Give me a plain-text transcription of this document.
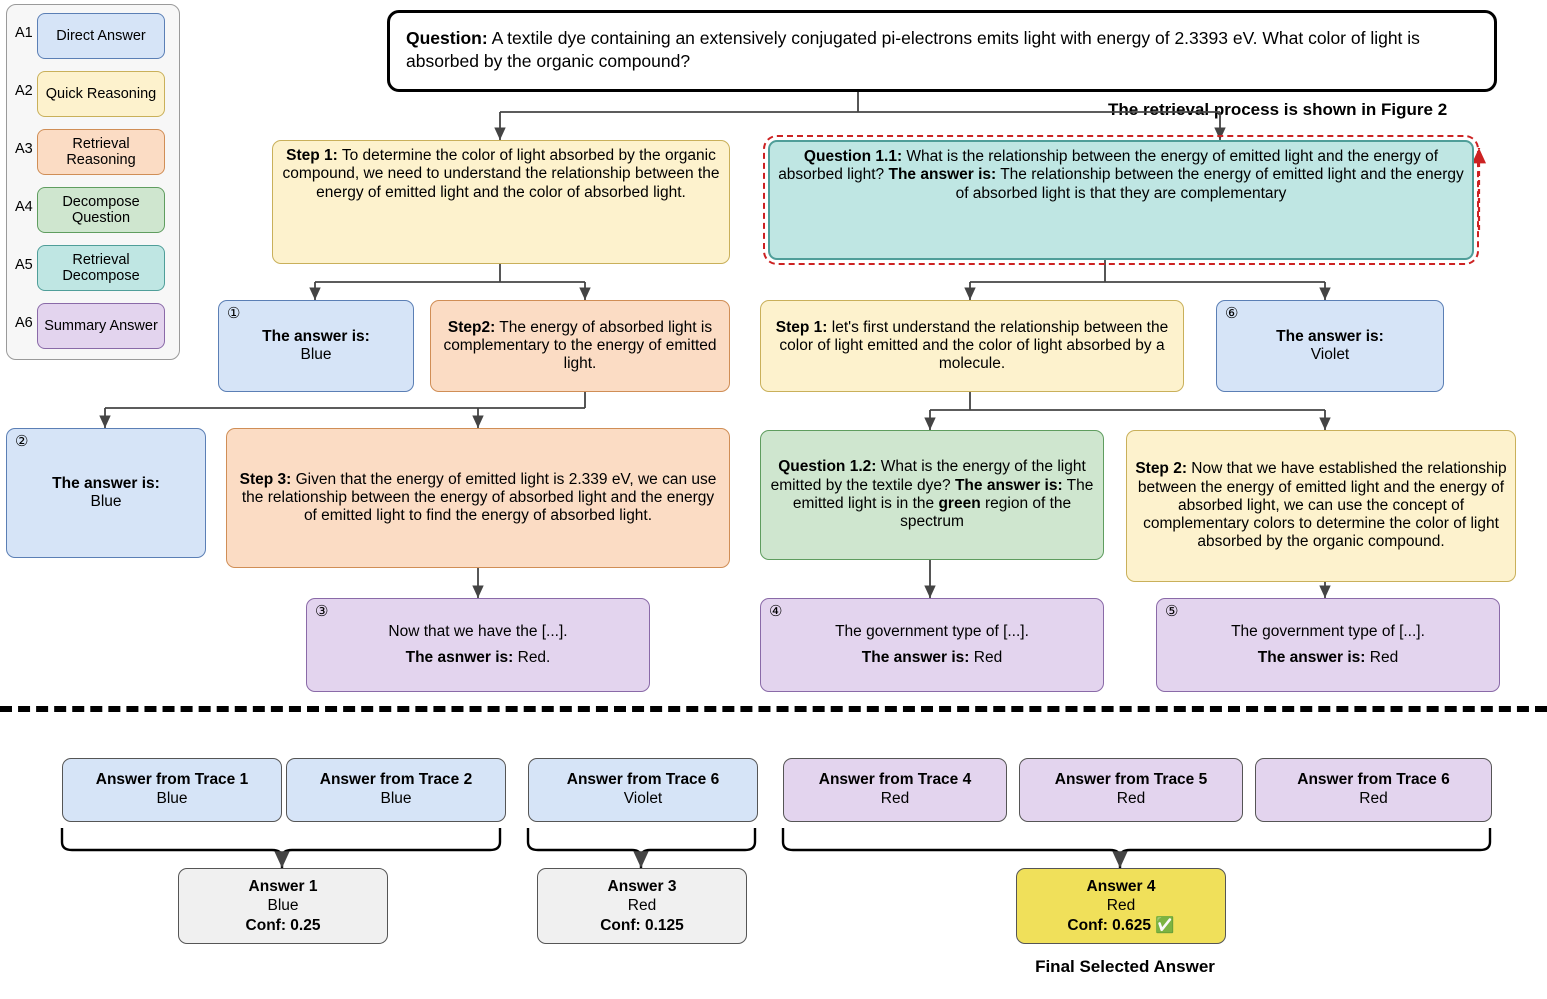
A1	Direct Answer
A2 Quick Reasoning
A3	Retrieval Reasoning
A4	Decompose Question
A5	Retrieval Decompose
A6 Summary Answer
Question: A textile dye containing an extensively conjugated pi-electrons emits light with energy of 2.3393 eV. What color of light is absorbed by the organic compound?
The retrieval process is shown in Figure 2
Step 1: To determine the color of light absorbed by the organic compound, we need to understand the relationship between the energy of emitted light and the color of absorbed light.
Question 1.1: What is the relationship between the energy of emitted light and the energy of absorbed light? The answer is: The relationship between the energy of emitted light and the energy of absorbed light is that they are complementary
①
The answer is:
Blue
Step2: The energy of absorbed light is complementary to the energy of emitted light.
Step 1: let's first understand the relationship between the color of light emitted and the color of light absorbed by a molecule.
⑥
The answer is:
Violet
②
The answer is:
Blue
Step 3: Given that the energy of emitted light is 2.339 eV, we can use the relationship between the energy of absorbed light and the energy of emitted light to find the energy of absorbed light.
Question 1.2: What is the energy of the light emitted by the textile dye? The answer is: The emitted light is in the green region of the spectrum
Step 2: Now that we have established the relationship between the energy of emitted light and the energy of absorbed light, we can use the concept of complementary colors to determine the color of light absorbed by the organic compound.
③
Now that we have the [...].
The asnwer is: Red.
④
The government type of [...].
The answer is: Red
⑤
The government type of [...].
The answer is: Red
Answer from Trace 1
Blue
Answer from Trace 2
Blue
Answer from Trace 6
Violet
Answer from Trace 4
Red
Answer from Trace 5
Red
Answer from Trace 6
Red
Answer 1
Blue
Conf: 0.25
Answer 3
Red
Conf: 0.125
Answer 4
Red
Conf: 0.625 ✅
Final Selected Answer
